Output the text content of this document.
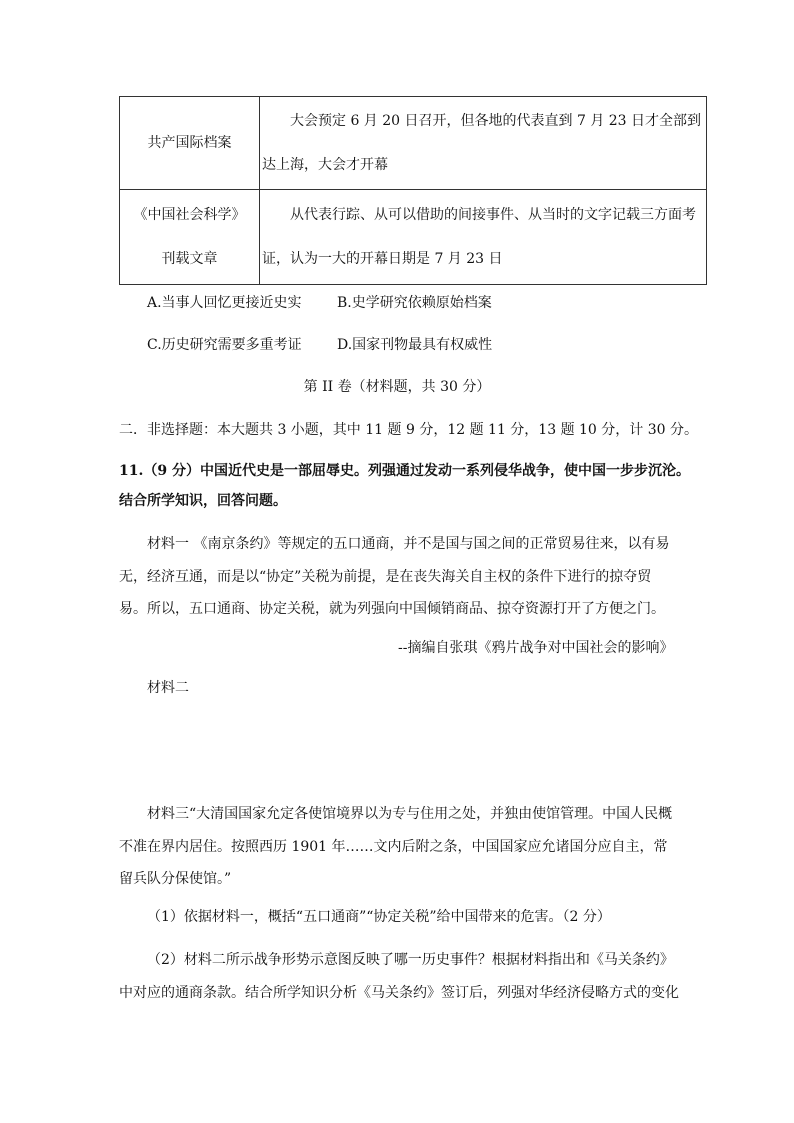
共产国际档案	大会预定 6 月 20 日召开，但各地的代表直到 7 月 23 日才全部到达上海，大会才开幕

《中国社会科学》
刊载文章	从代表行踪、从可以借助的间接事件、从当时的文字记载三方面考证，认为一大的开幕日期是 7 月 23 日
A.当事人回忆更接近史实	B.史学研究依赖原始档案
C.历史研究需要多重考证	D.国家刊物最具有权威性
第 II 卷（材料题，共 30 分）
二．非选择题：本大题共 3 小题，其中 11 题 9 分，12 题 11 分，13 题 10 分，计 30 分。
11.（9 分）中国近代史是一部屈辱史。列强通过发动一系列侵华战争，使中国一步步沉沦。
结合所学知识，回答问题。
材料一 《南京条约》等规定的五口通商，并不是国与国之间的正常贸易往来，以有易无，经济互通，而是以“协定”关税为前提，是在丧失海关自主权的条件下进行的掠夺贸易。所以，五口通商、协定关税，就为列强向中国倾销商品、掠夺资源打开了方便之门。
--摘编自张琪《鸦片战争对中国社会的影响》
材料二
材料三“大清国国家允定各使馆境界以为专与住用之处，并独由使馆管理。中国人民概不准在界内居住。按照西历 1901 年……文内后附之条，中国国家应允诸国分应自主，常留兵队分保使馆。”
（1）依据材料一，概括“五口通商”“协定关税”给中国带来的危害。（2 分）
（2）材料二所示战争形势示意图反映了哪一历史事件？根据材料指出和《马关条约》中对应的通商条款。结合所学知识分析《马关条约》签订后，列强对华经济侵略方式的变化
